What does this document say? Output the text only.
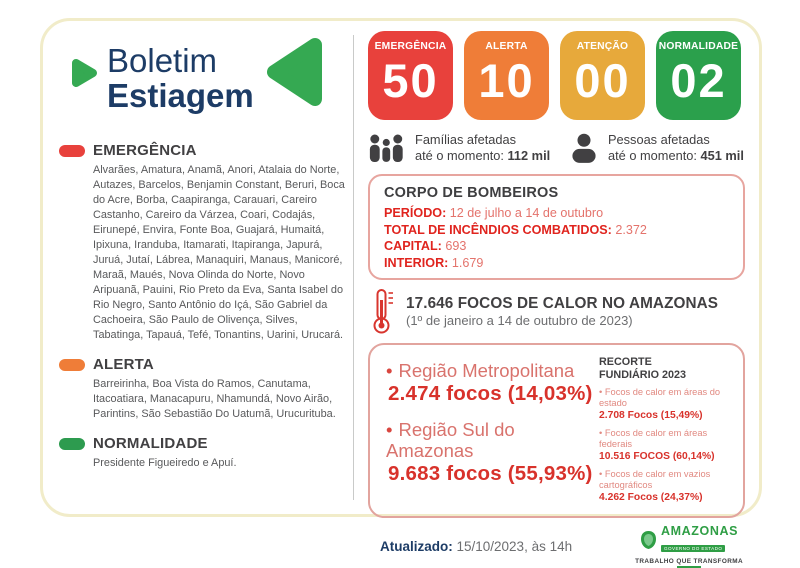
Boletim
Estiagem
EMERGÊNCIA
Alvarães, Amatura, Anamã, Anori, Atalaia do Norte, Autazes, Barcelos, Benjamin Constant, Beruri, Boca do Acre, Borba, Caapiranga, Carauari, Careiro Castanho, Careiro da Várzea, Coari, Codajás, Eirunepé, Envira, Fonte Boa, Guajará, Humaitá, Ipixuna, Iranduba, Itamarati, Itapiranga, Japurá, Juruá, Jutaí, Lábrea, Manaquiri, Manaus, Manicoré, Maraã, Maués, Nova Olinda do Norte, Novo Aripuanã, Pauini, Rio Preto da Eva, Santa Isabel do Rio Negro, Santo Antônio do Içá, São Gabriel da Cachoeira, São Paulo de Olivença, Silves, Tabatinga, Tapauá, Tefé, Tonantins, Uarini, Urucará.
ALERTA
Barreirinha, Boa Vista do Ramos, Canutama, Itacoatiara, Manacapuru, Nhamundá, Novo Airão, Parintins, São Sebastião Do Uatumã, Urucurituba.
NORMALIDADE
Presidente Figueiredo e Apuí.
EMERGÊNCIA
50
ALERTA
10
ATENÇÃO
00
NORMALIDADE
02
Famílias afetadas
até o momento: 112 mil
Pessoas afetadas
até o momento: 451 mil
CORPO DE BOMBEIROS
PERÍODO: 12 de julho a 14 de outubro
TOTAL DE INCÊNDIOS COMBATIDOS: 2.372
CAPITAL: 693
INTERIOR: 1.679
17.646 FOCOS DE CALOR NO AMAZONAS
(1º de janeiro a 14 de outubro de 2023)
• Região Metropolitana
2.474 focos (14,03%)
• Região Sul do Amazonas
9.683 focos (55,93%)
RECORTE
FUNDIÁRIO 2023
• Focos de calor em áreas do estado
2.708 Focos (15,49%)
• Focos de calor em áreas federais
10.516 FOCOS (60,14%)
• Focos de calor em vazios cartográficos
4.262 Focos (24,37%)
Atualizado: 15/10/2023, às 14h
AMAZONAS
GOVERNO DO ESTADO
TRABALHO QUE TRANSFORMA
